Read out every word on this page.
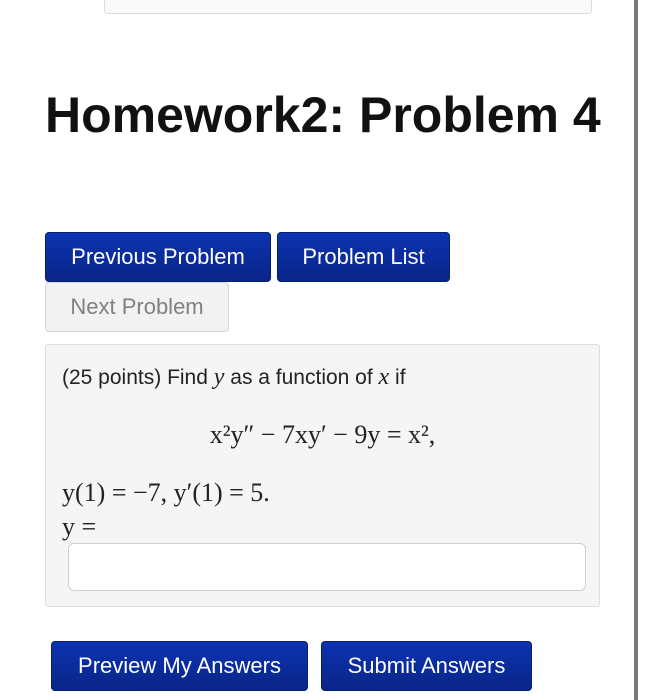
Homework2: Problem 4
Previous Problem	Problem List
Next Problem
(25 points) Find y as a function of x if
x²y″ − 7xy′ − 9y = x²,
y(1) = −7, y′(1) = 5.
y =
Preview My Answers	Submit Answers
